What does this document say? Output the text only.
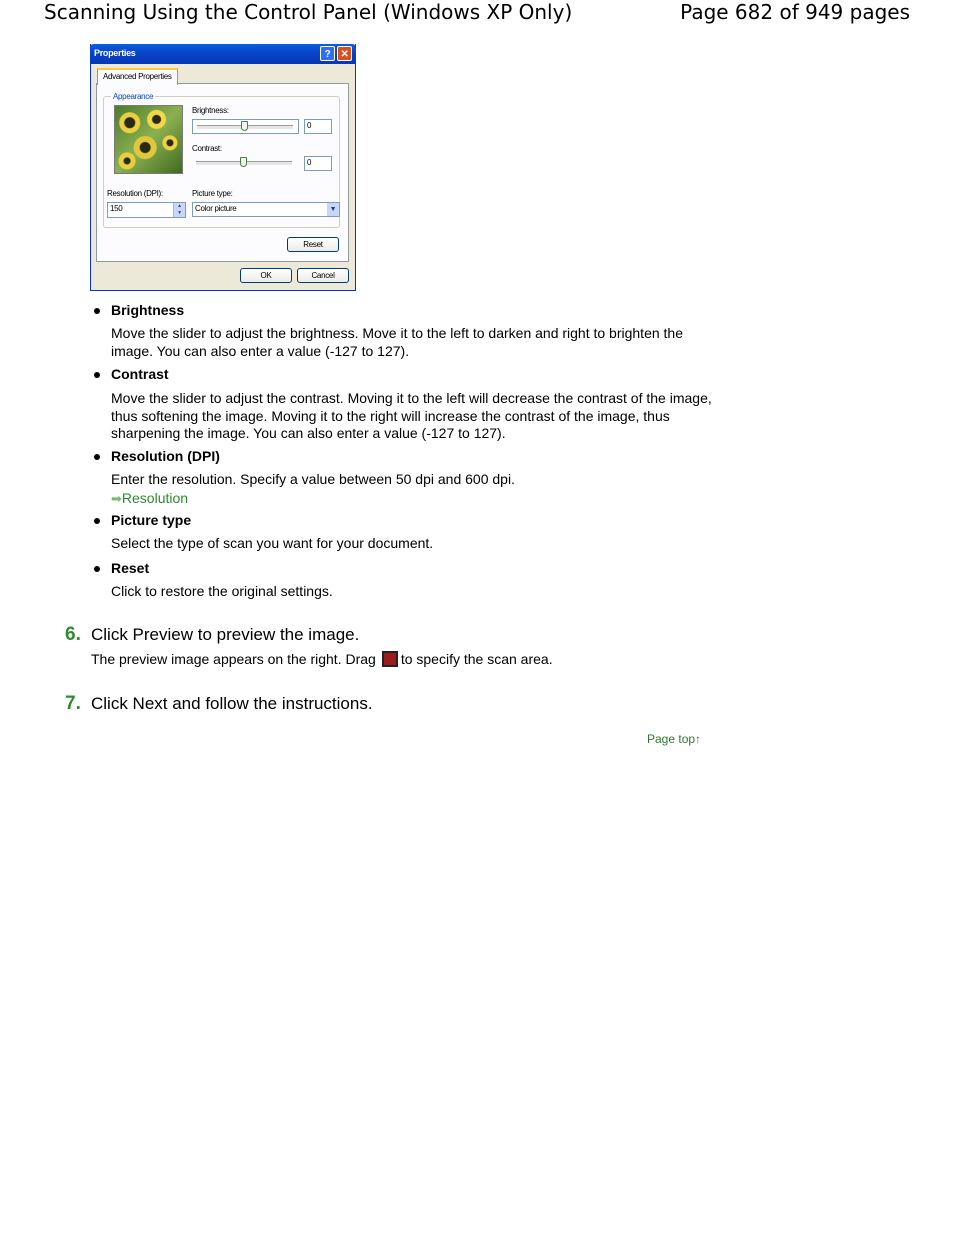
Scanning Using the Control Panel (Windows XP Only)	Page 682 of 949 pages
Properties	?	✕
Advanced Properties
Appearance
Brightness:
0
Contrast:
0
Resolution (DPI):
150	▲
▼
Picture type:
Color picture	▼
Reset
OK	Cancel
Brightness
Move the slider to adjust the brightness. Move it to the left to darken and right to brighten the image. You can also enter a value (-127 to 127).
Contrast
Move the slider to adjust the contrast. Moving it to the left will decrease the contrast of the image, thus softening the image. Moving it to the right will increase the contrast of the image, thus sharpening the image. You can also enter a value (-127 to 127).
Resolution (DPI)
Enter the resolution. Specify a value between 50 dpi and 600 dpi.
➡Resolution
Picture type
Select the type of scan you want for your document.
Reset
Click to restore the original settings.
6. Click Preview to preview the image.
The preview image appears on the right. Drag to specify the scan area.
7. Click Next and follow the instructions.
Page top↑
